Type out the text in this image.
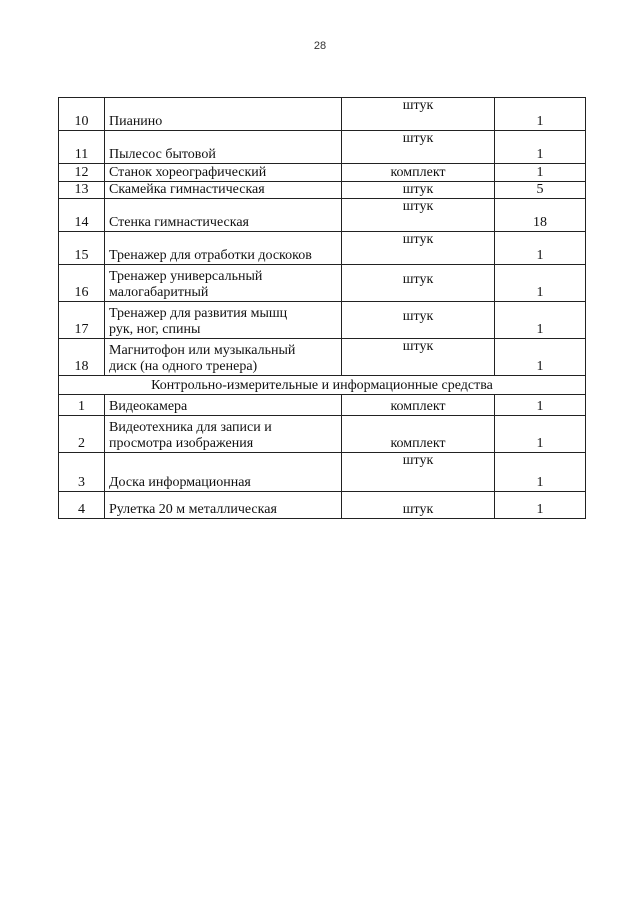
28
10	Пианино	штук	1
11	Пылесос бытовой	штук	1
12	Станок хореографический	комплект	1
13	Скамейка гимнастическая	штук	5
14	Стенка гимнастическая	штук	18
15	Тренажер для отработки доскоков	штук	1
16	Тренажер универсальный
малогабаритный	штук	1
17	Тренажер для развития мышц
рук, ног, спины	штук	1
18	Магнитофон или музыкальный
диск (на одного тренера)	штук	1
Контрольно-измерительные и информационные средства			
1	Видеокамера	комплект	1
2	Видеотехника для записи и
просмотра изображения	комплект	1
3	Доска информационная	штук	1
4	Рулетка 20 м металлическая	штук	1
